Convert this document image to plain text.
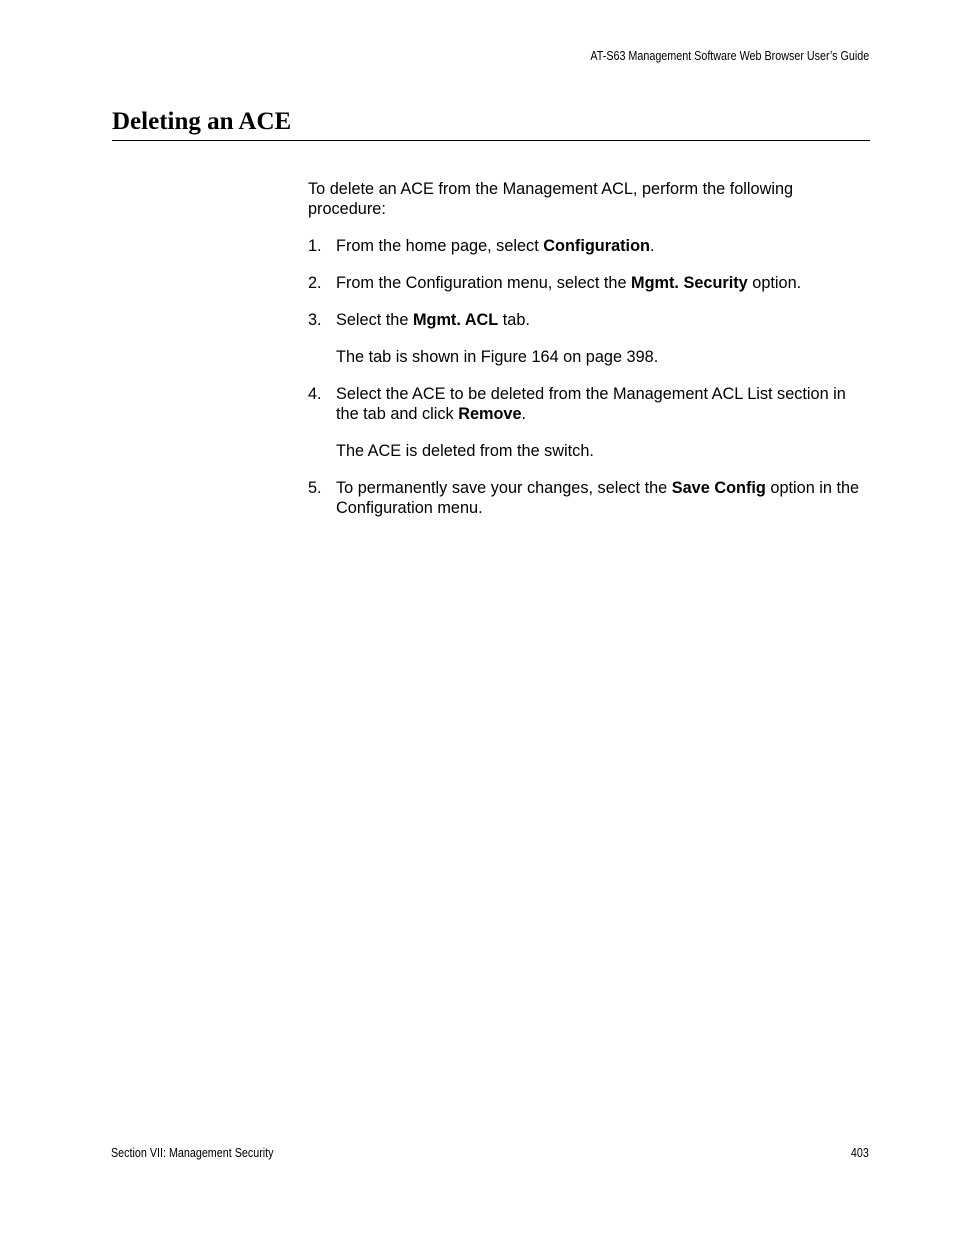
AT-S63 Management Software Web Browser User’s Guide
Deleting an ACE

To delete an ACE from the Management ACL, perform the following procedure:

1. From the home page, select Configuration.

2. From the Configuration menu, select the Mgmt. Security option.

3. Select the Mgmt. ACL tab.

The tab is shown in Figure 164 on page 398.

4. Select the ACE to be deleted from the Management ACL List section in the tab and click Remove.

The ACE is deleted from the switch.

5. To permanently save your changes, select the Save Config option in the Configuration menu.

Section VII: Management Security	403
